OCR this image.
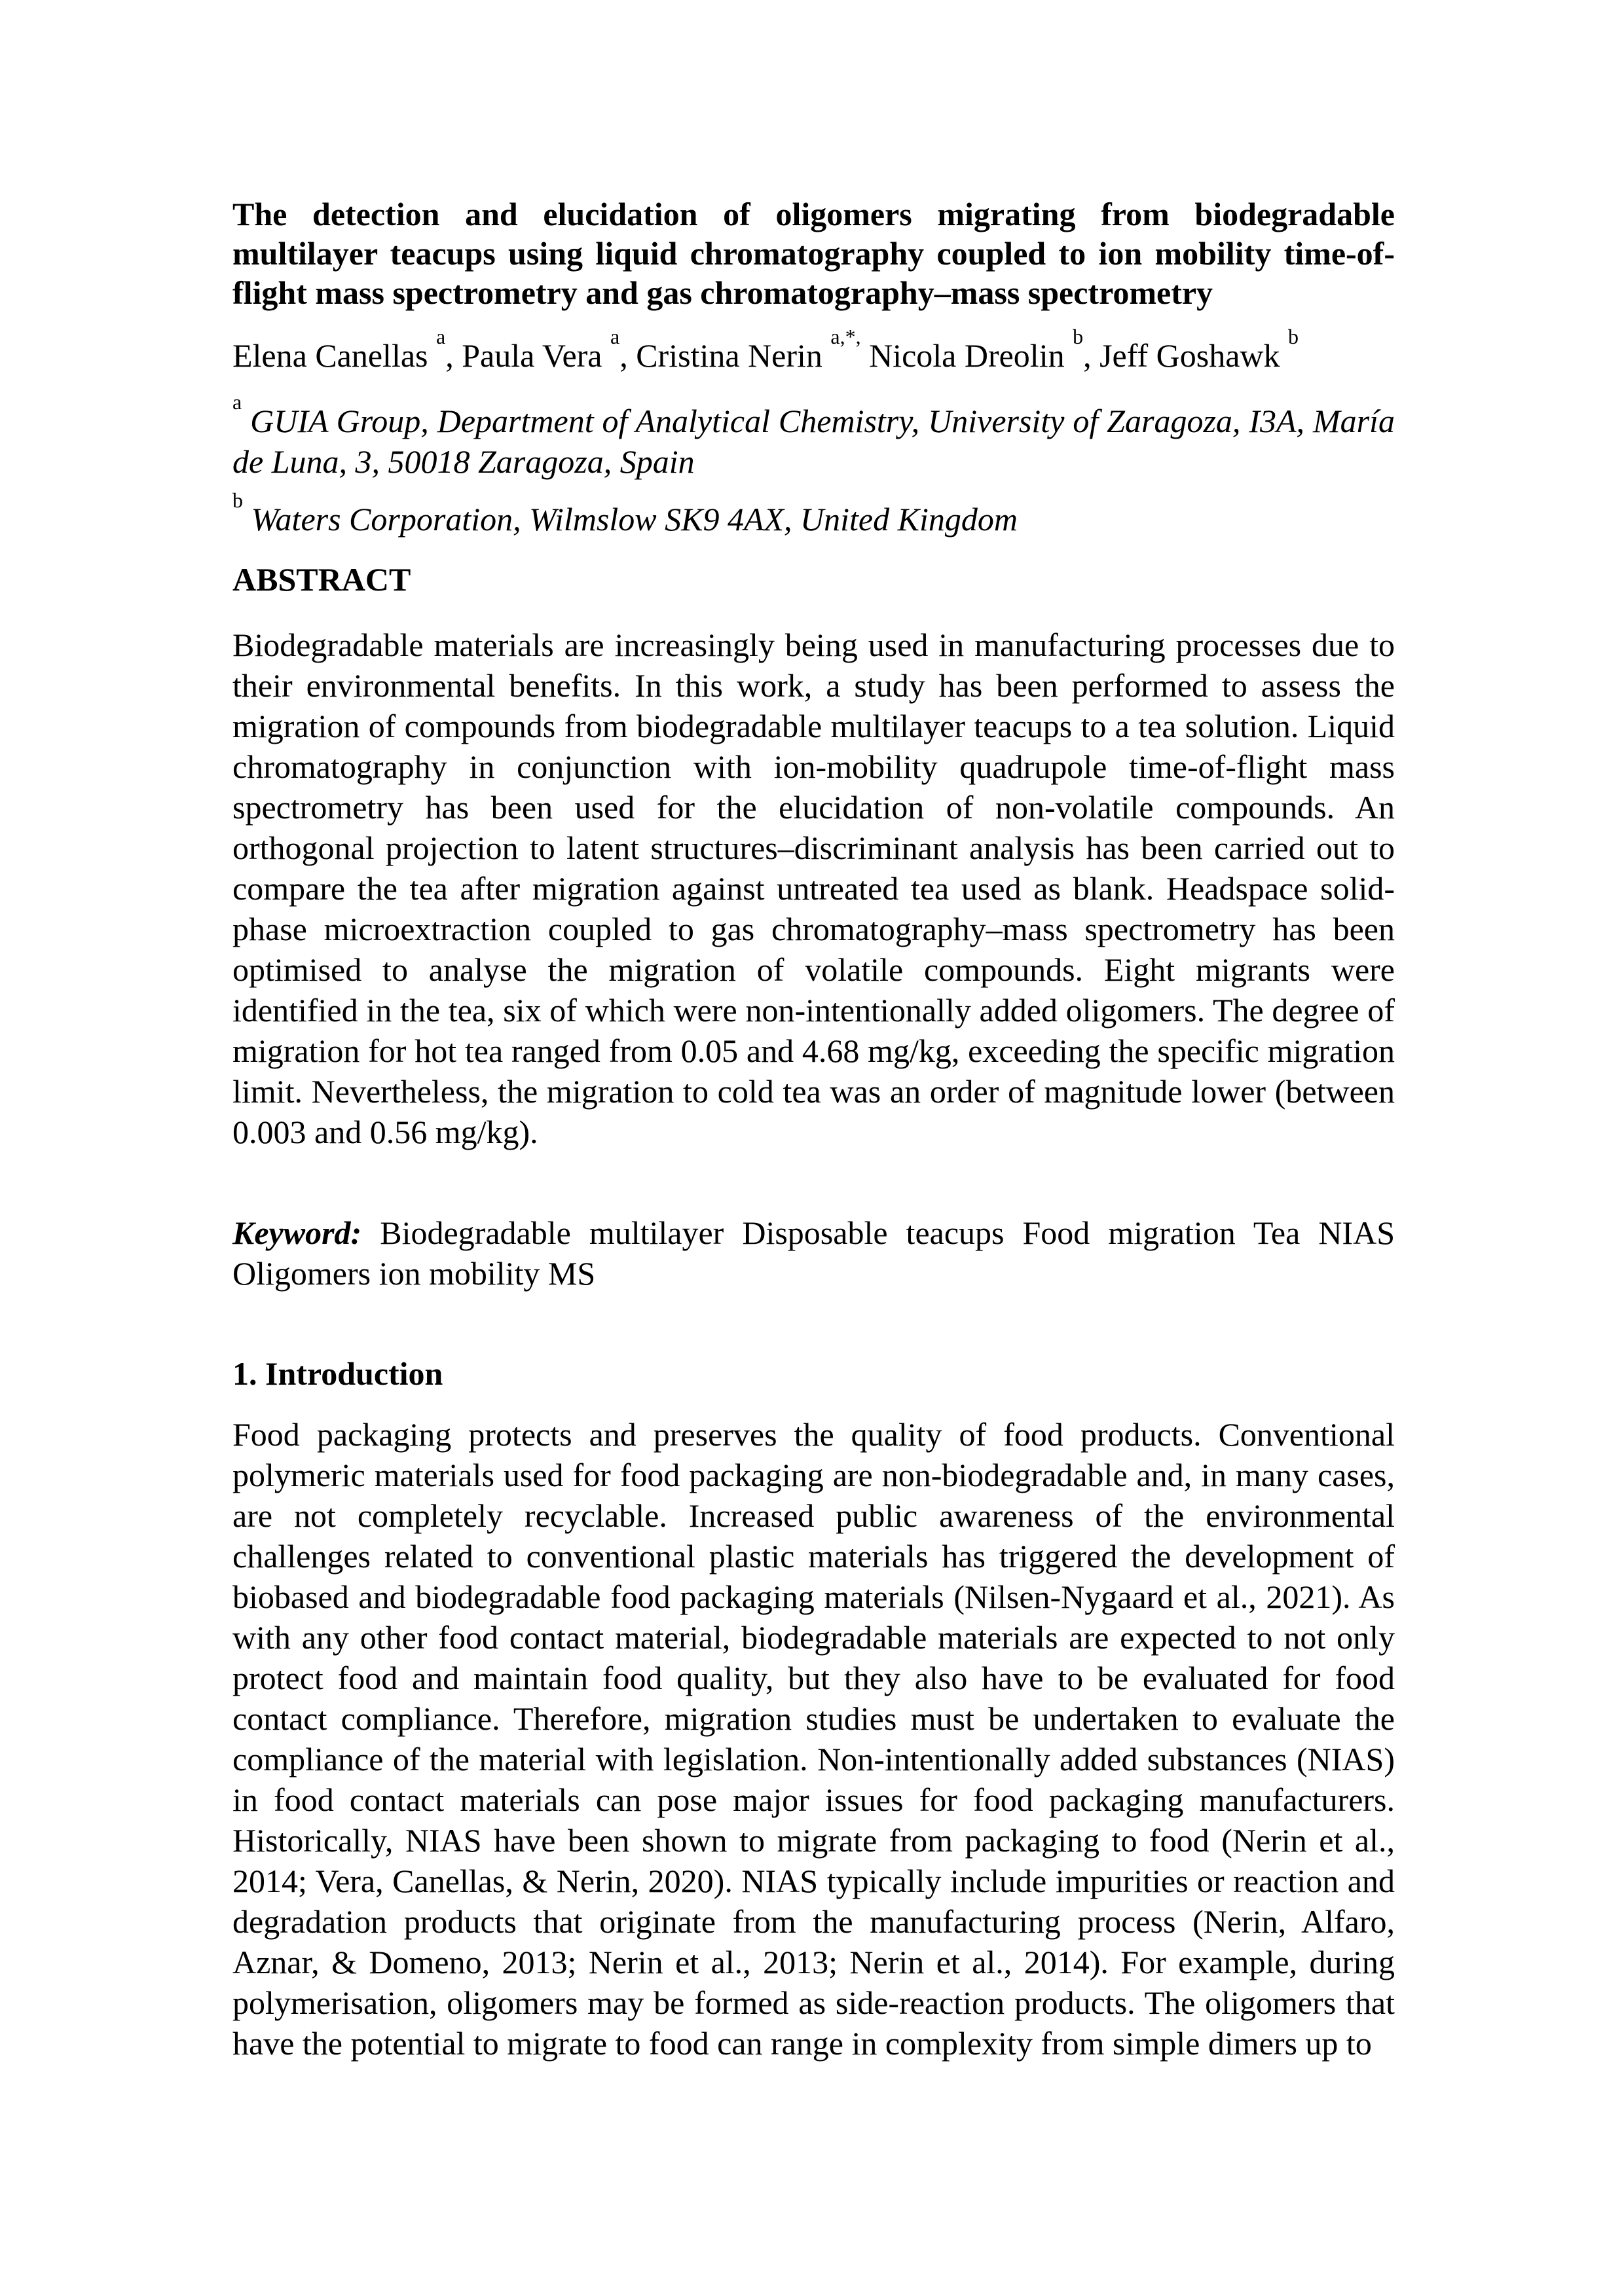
The detection and elucidation of oligomers migrating from biodegradable multilayer teacups using liquid chromatography coupled to ion mobility time-of-flight mass spectrometry and gas chromatography–mass spectrometry

Elena Canellas $^a$, Paula Vera $^a$, Cristina Nerin $^{a,*,}$ Nicola Dreolin $^b$, Jeff Goshawk $^b$

$^a$ GUIA Group, Department of Analytical Chemistry, University of Zaragoza, I3A, María de Luna, 3, 50018 Zaragoza, Spain

$^b$ Waters Corporation, Wilmslow SK9 4AX, United Kingdom

ABSTRACT

Biodegradable materials are increasingly being used in manufacturing processes due to their environmental benefits. In this work, a study has been performed to assess the migration of compounds from biodegradable multilayer teacups to a tea solution. Liquid chromatography in conjunction with ion-mobility quadrupole time-of-flight mass spectrometry has been used for the elucidation of non-volatile compounds. An orthogonal projection to latent structures–discriminant analysis has been carried out to compare the tea after migration against untreated tea used as blank. Headspace solid-phase microextraction coupled to gas chromatography–mass spectrometry has been optimised to analyse the migration of volatile compounds. Eight migrants were identified in the tea, six of which were non-intentionally added oligomers. The degree of migration for hot tea ranged from 0.05 and 4.68 mg/kg, exceeding the specific migration limit. Nevertheless, the migration to cold tea was an order of magnitude lower (between 0.003 and 0.56 mg/kg).

Keyword: Biodegradable multilayer Disposable teacups Food migration Tea NIAS Oligomers ion mobility MS

1. Introduction

Food packaging protects and preserves the quality of food products. Conventional polymeric materials used for food packaging are non-biodegradable and, in many cases, are not completely recyclable. Increased public awareness of the environmental challenges related to conventional plastic materials has triggered the development of biobased and biodegradable food packaging materials (Nilsen-Nygaard et al., 2021). As with any other food contact material, biodegradable materials are expected to not only protect food and maintain food quality, but they also have to be evaluated for food contact compliance. Therefore, migration studies must be undertaken to evaluate the compliance of the material with legislation. Non-intentionally added substances (NIAS) in food contact materials can pose major issues for food packaging manufacturers. Historically, NIAS have been shown to migrate from packaging to food (Nerin et al., 2014; Vera, Canellas, & Nerin, 2020). NIAS typically include impurities or reaction and degradation products that originate from the manufacturing process (Nerin, Alfaro, Aznar, & Domeno, 2013; Nerin et al., 2013; Nerin et al., 2014). For example, during polymerisation, oligomers may be formed as side-reaction products. The oligomers that have the potential to migrate to food can range in complexity from simple dimers up to
